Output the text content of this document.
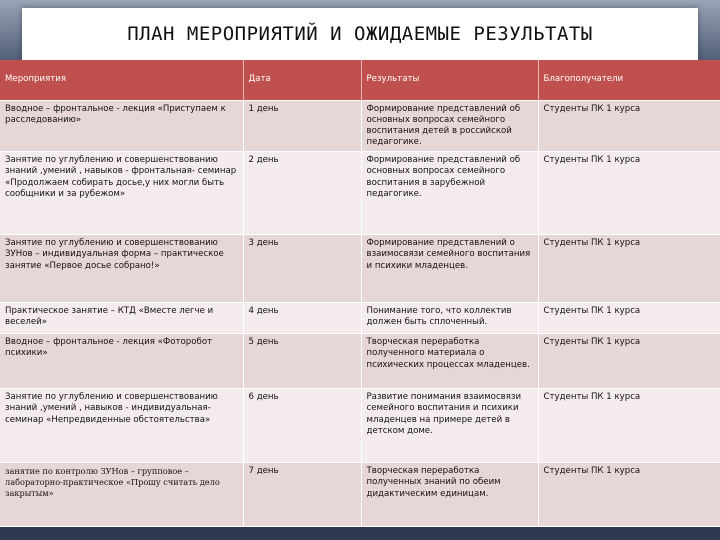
ПЛАН МЕРОПРИЯТИЙ И ОЖИДАЕМЫЕ РЕЗУЛЬТАТЫ
Мероприятия	Дата	Результаты	Благополучатели
Вводное – фронтальное - лекция «Приступаем к расследованию»	1 день	Формирование представлений об основных вопросах семейного воспитания детей в российской педагогике.	Студенты ПК 1 курса
Занятие по углублению и совершенствованию знаний ,умений , навыков - фронтальная- семинар «Продолжаем собирать досье,у них могли быть сообщники и за рубежом»	2 день	Формирование представлений об основных вопросах семейного воспитания в зарубежной педагогике.	Студенты ПК 1 курса
Занятие по углублению и совершенствованию ЗУНов – индивидуальная форма – практическое занятие «Первое досье собрано!»	3 день	Формирование представлений о взаимосвязи семейного воспитания и психики младенцев.	Студенты ПК 1 курса
Практическое занятие – КТД «Вместе легче и веселей»	4 день	Понимание того, что коллектив должен быть сплоченный.	Студенты ПК 1 курса
Вводное – фронтальное - лекция «Фоторобот психики»	5 день	Творческая переработка полученного материала о психических процессах младенцев.	Студенты ПК 1 курса
Занятие по углублению и совершенствованию знаний ,умений , навыков - индивидуальная- семинар «Непредвиденные обстоятельства»	6 день	Развитие понимания взаимосвязи семейного воспитания и психики младенцев на примере детей в детском доме.	Студенты ПК 1 курса
занятие по контролю ЗУНов – групповое – лабораторно-практическое «Прошу считать дело закрытым»	7 день	Творческая переработка полученных знаний по обеим дидактическим единицам.	Студенты ПК 1 курса
